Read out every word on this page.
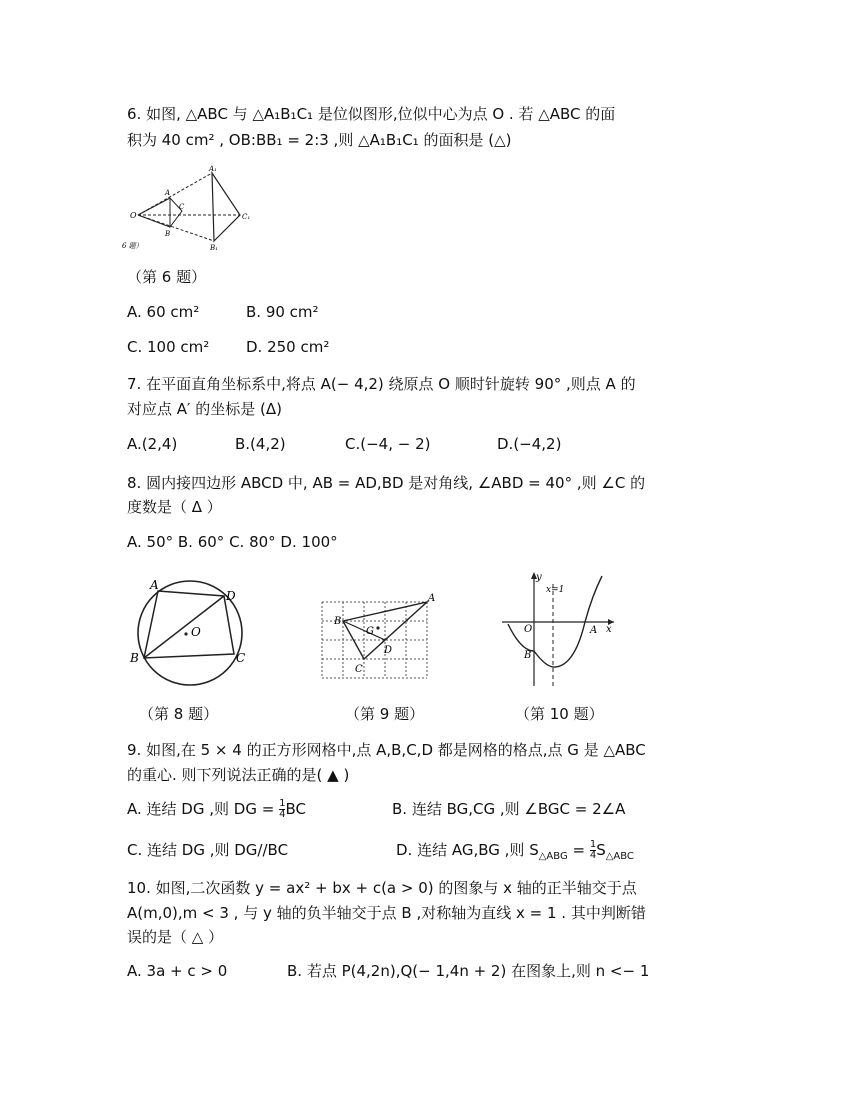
6. 如图, △ABC 与 △A₁B₁C₁ 是位似图形,位似中心为点 O . 若 △ABC 的面
积为 40 cm² , OB:BB₁ = 2:3 ,则 △A₁B₁C₁ 的面积是 (△)
O
A
B
C
A₁
B₁
C₁
6 题）
（第 6 题）
A. 60 cm²	B. 90 cm²
C. 100 cm² D. 250 cm²
7. 在平面直角坐标系中,将点 A(− 4,2) 绕原点 O 顺时针旋转 90° ,则点 A 的
对应点 A′ 的坐标是 (Δ)
A.(2,4)	B.(4,2)	C.(−4, − 2)	D.(−4,2)
8. 圆内接四边形 ABCD 中, AB = AD,BD 是对角线, ∠ABD = 40° ,则 ∠C 的
度数是（ Δ ）
A. 50° B. 60° C. 80° D. 100°
A
D
O
B	C
（第 8 题）
A
B
G
D
C
（第 9 题）
y
x=1
x
O	A
B
（第 10 题）
9. 如图,在 5 × 4 的正方形网格中,点 A,B,C,D 都是网格的格点,点 G 是 △ABC
的重心. 则下列说法正确的是( ▲ )
A. 连结 DG ,则 DG = $\frac{1}{4}$ BC	B. 连结 BG,CG ,则 ∠BGC = 2∠A
C. 连结 DG ,则 DG//BC	D. 连结 AG,BG ,则 $S_{\triangle ABG} = \frac{1}{4} S_{\triangle ABC}$
10. 如图,二次函数 y = ax² + bx + c(a > 0) 的图象与 x 轴的正半轴交于点
A(m,0),m < 3 , 与 y 轴的负半轴交于点 B ,对称轴为直线 x = 1 . 其中判断错
误的是（ △ ）
A. 3a + c > 0	B. 若点 P(4,2n),Q(− 1,4n + 2) 在图象上,则 n <− 1
